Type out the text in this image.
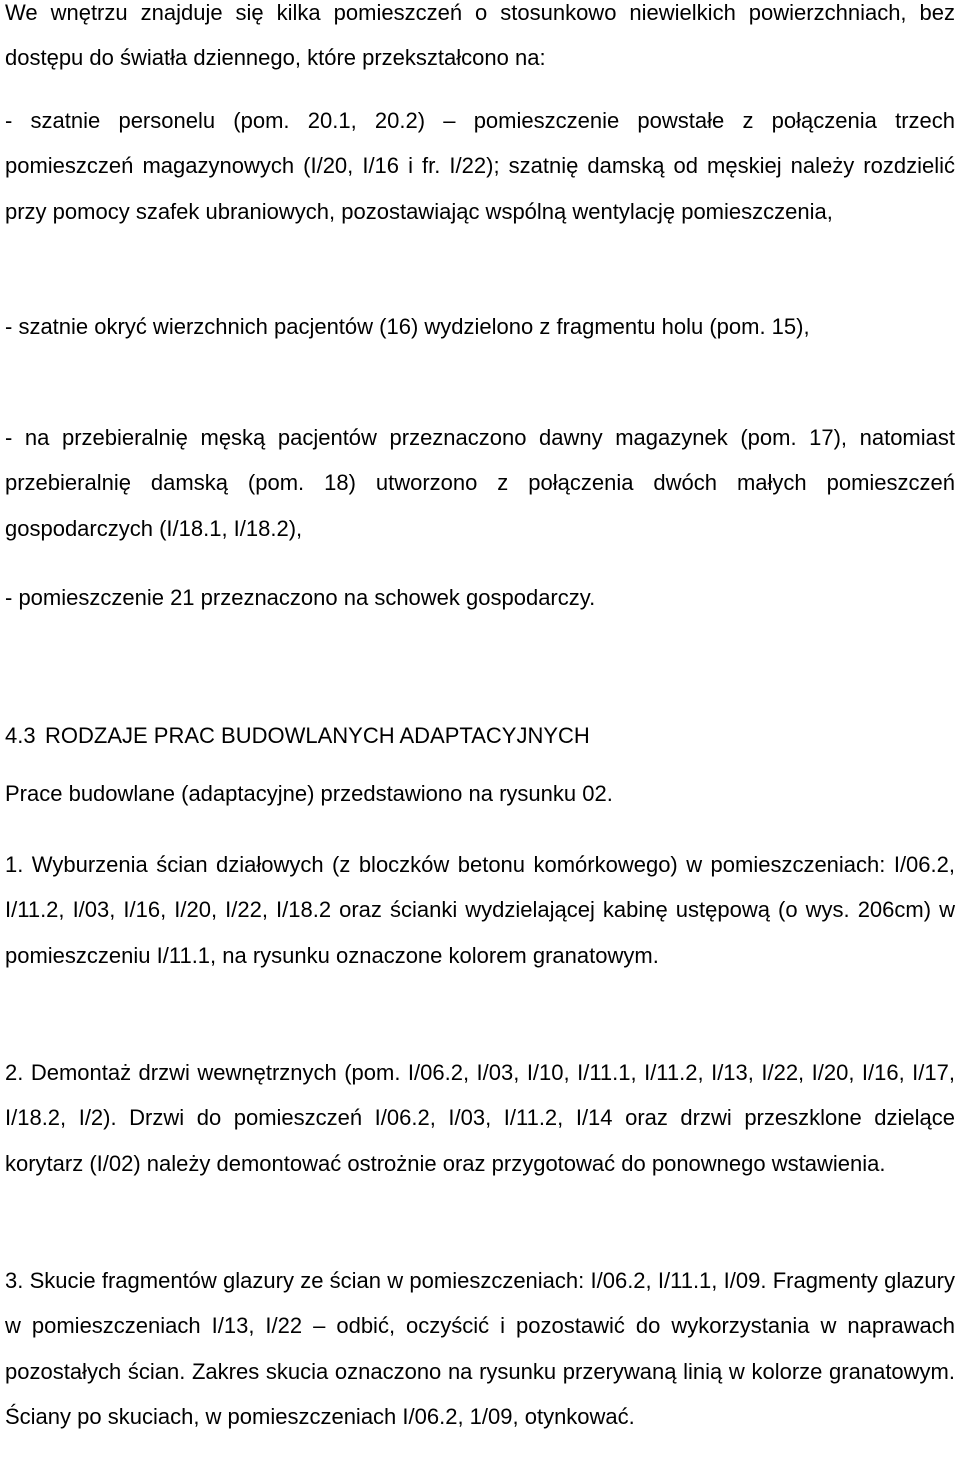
We wnętrzu znajduje się kilka pomieszczeń o stosunkowo niewielkich powierzchniach, bez dostępu do światła dziennego, które przekształcono na:

- szatnie personelu (pom. 20.1, 20.2) – pomieszczenie powstałe z połączenia trzech pomieszczeń magazynowych (I/20, I/16 i fr. I/22); szatnię damską od męskiej należy rozdzielić przy pomocy szafek ubraniowych, pozostawiając wspólną wentylację pomieszczenia,

- szatnie okryć wierzchnich pacjentów (16) wydzielono z fragmentu holu (pom. 15),

- na przebieralnię męską pacjentów przeznaczono dawny magazynek (pom. 17), natomiast przebieralnię damską (pom. 18) utworzono z połączenia dwóch małych pomieszczeń gospodarczych (I/18.1, I/18.2),

- pomieszczenie 21 przeznaczono na schowek gospodarczy.

4.3 RODZAJE PRAC BUDOWLANYCH ADAPTACYJNYCH

Prace budowlane (adaptacyjne) przedstawiono na rysunku 02.

1. Wyburzenia ścian działowych (z bloczków betonu komórkowego) w pomieszczeniach: I/06.2, I/11.2, I/03, I/16, I/20, I/22, I/18.2 oraz ścianki wydzielającej kabinę ustępową (o wys. 206cm) w pomieszczeniu I/11.1, na rysunku oznaczone kolorem granatowym.

2. Demontaż drzwi wewnętrznych (pom. I/06.2, I/03, I/10, I/11.1, I/11.2, I/13, I/22, I/20, I/16, I/17, I/18.2, I/2). Drzwi do pomieszczeń I/06.2, I/03, I/11.2, I/14 oraz drzwi przeszklone dzielące korytarz (I/02) należy demontować ostrożnie oraz przygotować do ponownego wstawienia.

3. Skucie fragmentów glazury ze ścian w pomieszczeniach: I/06.2, I/11.1, I/09. Fragmenty glazury w pomieszczeniach I/13, I/22 – odbić, oczyścić i pozostawić do wykorzystania w naprawach pozostałych ścian. Zakres skucia oznaczono na rysunku przerywaną linią w kolorze granatowym. Ściany po skuciach, w pomieszczeniach I/06.2, 1/09, otynkować.
